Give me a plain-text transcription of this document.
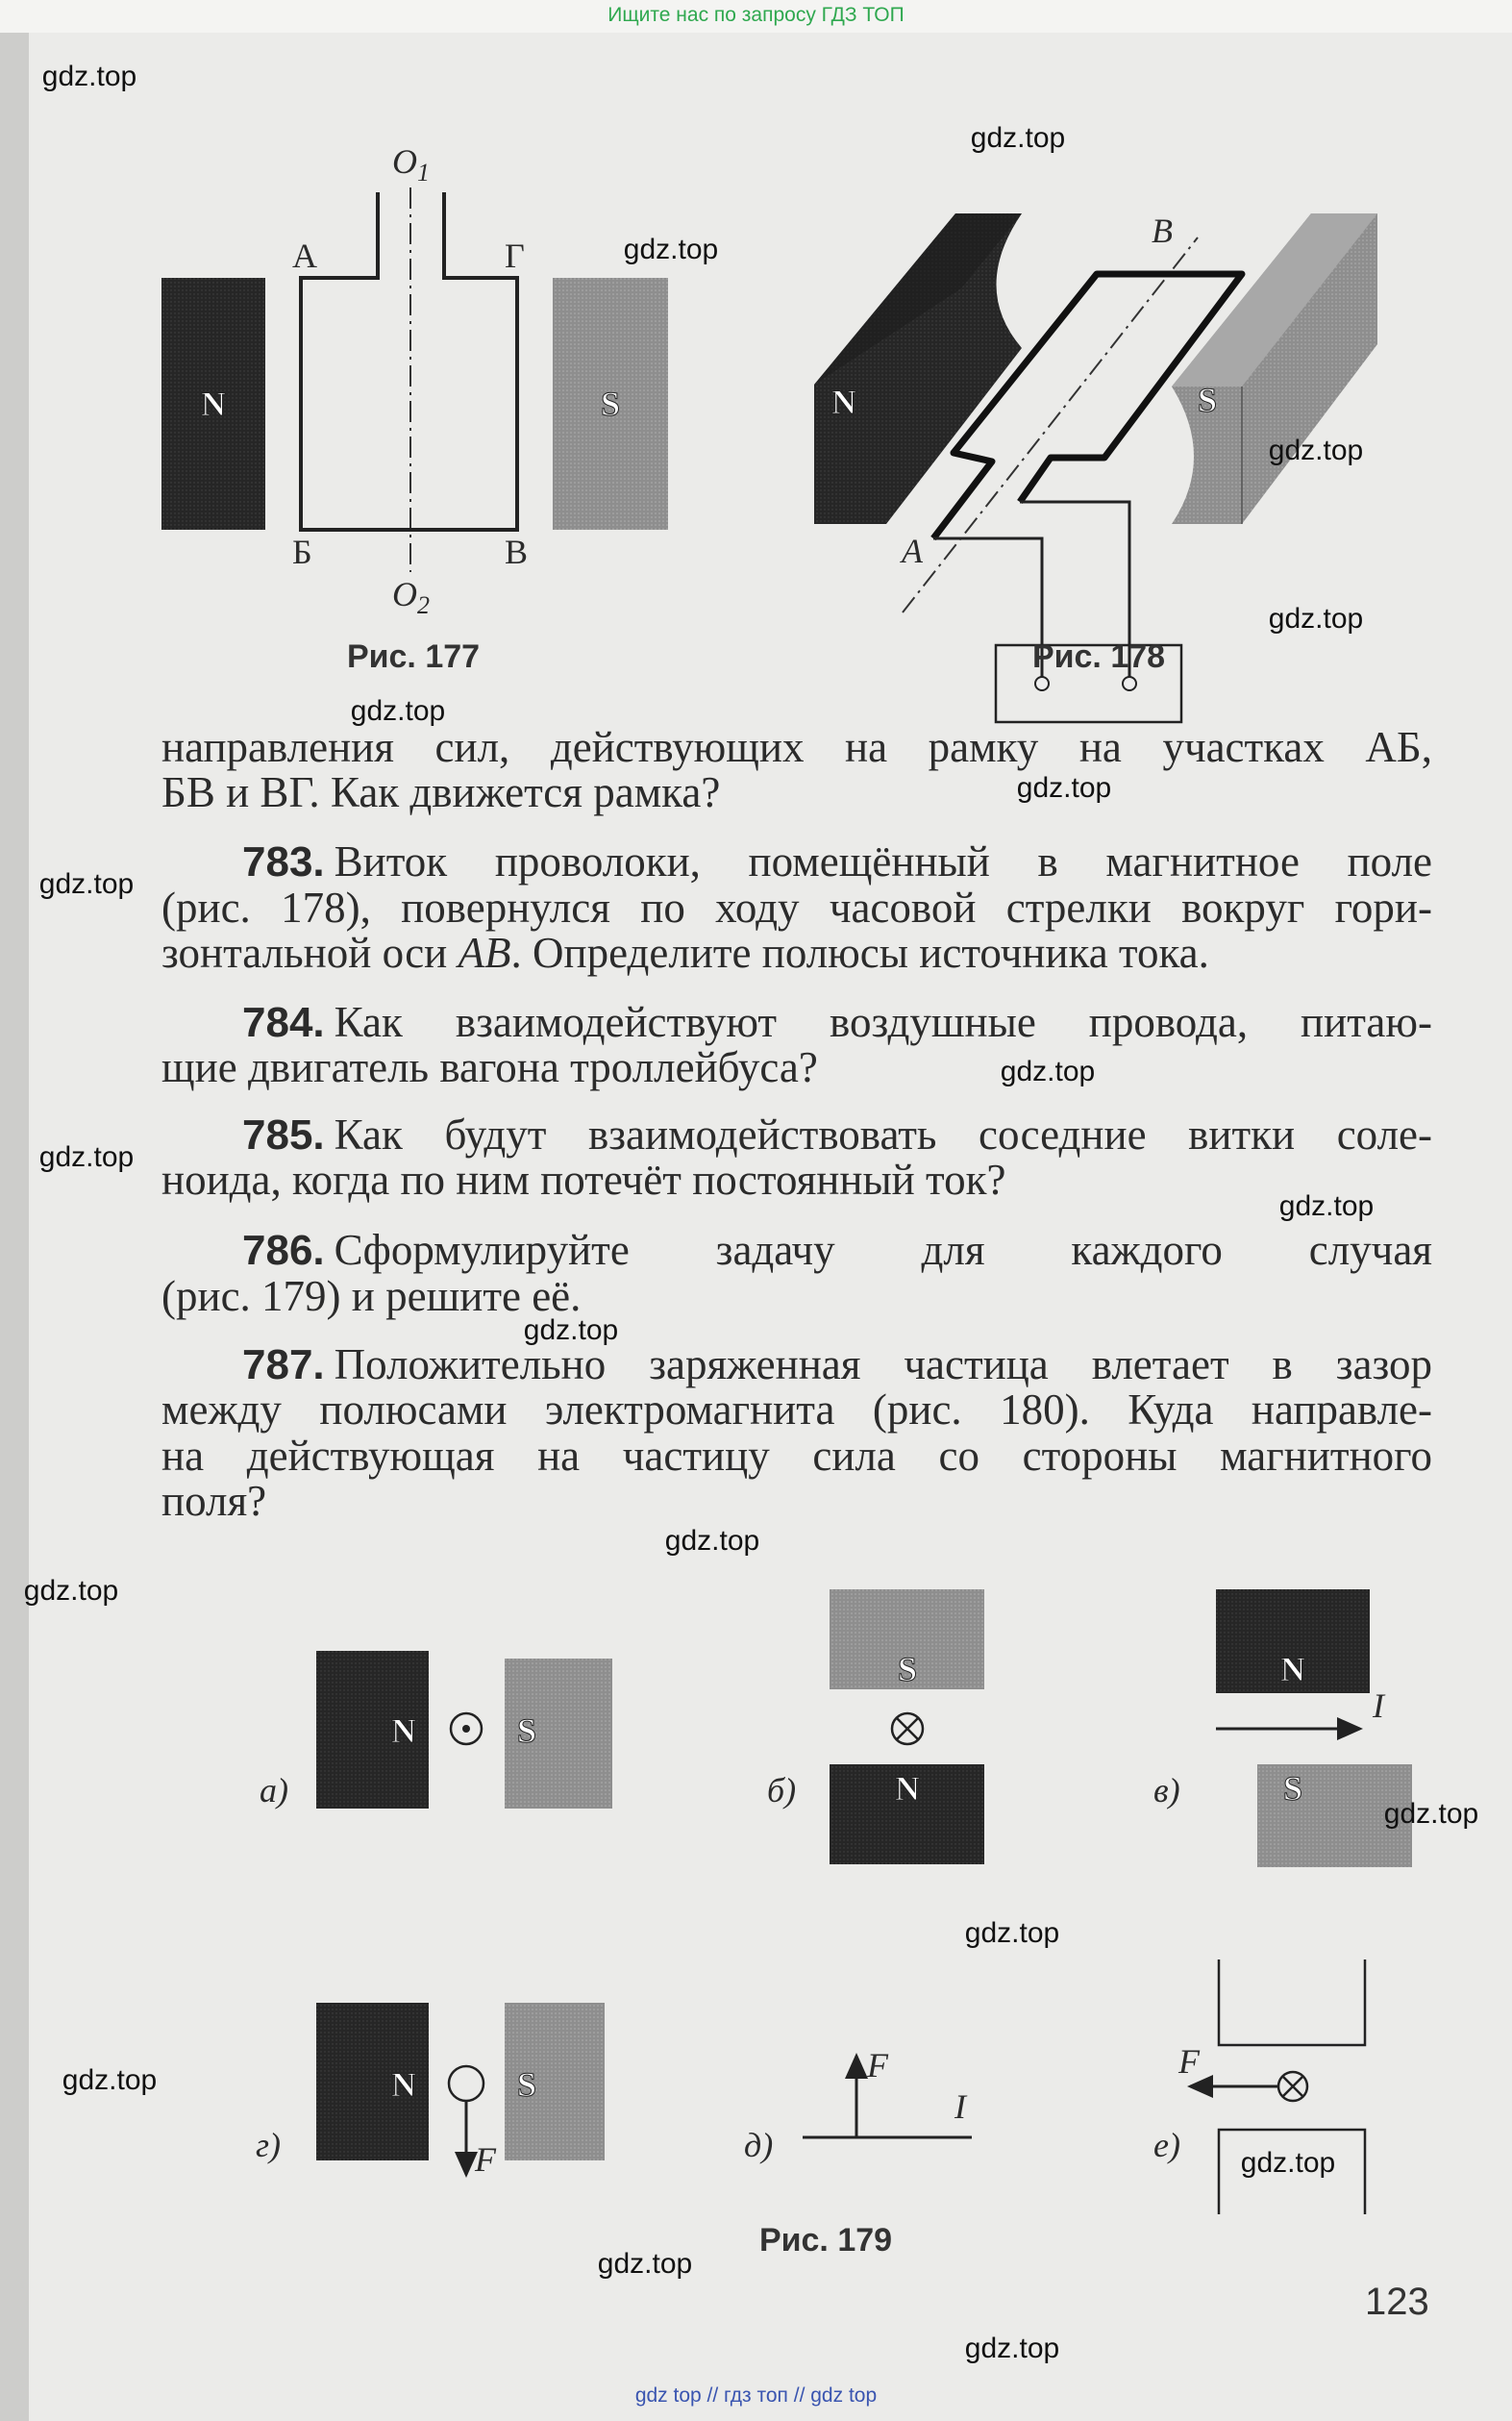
Ищите нас по запросу ГДЗ ТОП
N	S
$O_1$
$O_2$
А	Г
Б	В
N	S
B
A
N	S
а)
S
N
б)
N
I
S
в)
N	S
F
г)
F
I
д)
F
е)
Рис. 177	Рис. 178
Рис. 179
направления сил, действующих на рамку на участках АБ,
БВ и ВГ. Как движется рамка?
783. Виток проволоки, помещённый в магнитное поле
(рис. 178), повернулся по ходу часовой стрелки вокруг гори-
зонтальной оси AB. Определите полюсы источника тока.
784. Как взаимодействуют воздушные провода, питаю-
щие двигатель вагона троллейбуса?
785. Как будут взаимодействовать соседние витки соле-
ноида, когда по ним потечёт постоянный ток?
786. Сформулируйте задачу для каждого случая
(рис. 179) и решите её.
787. Положительно заряженная частица влетает в зазор
между полюсами электромагнита (рис. 180). Куда направле-
на действующая на частицу сила со стороны магнитного
поля?
123
gdz.top
gdz.top
gdz.top
gdz.top
gdz.top
gdz.top
gdz.top
gdz.top
gdz.top
gdz.top
gdz.top
gdz.top
gdz.top
gdz.top
gdz.top
gdz.top
gdz.top
gdz.top
gdz.top
gdz.top
gdz top // гдз топ // gdz top
